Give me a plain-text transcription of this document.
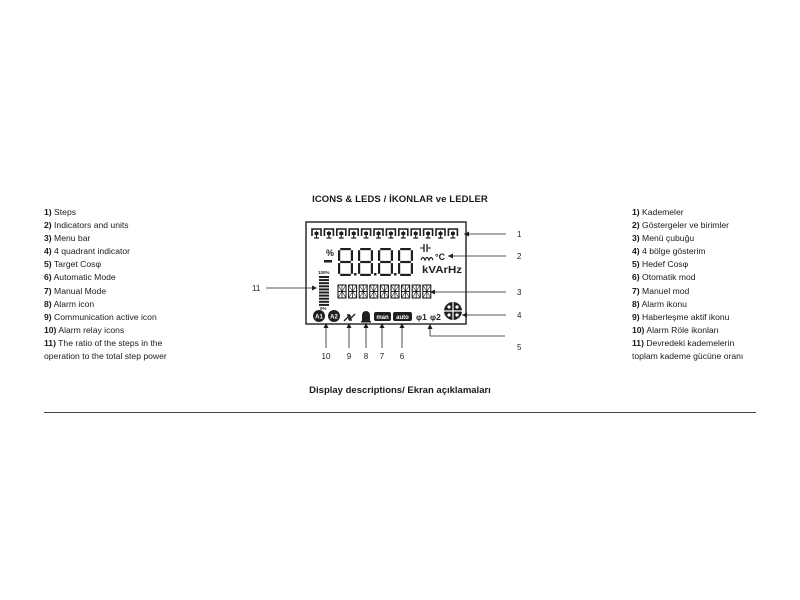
ICONS & LEDS / İKONLAR ve LEDLER
1) Steps
2) Indicators and units
3) Menu bar
4) 4 quadrant indicator
5) Target Cosφ
6) Automatic Mode
7) Manual Mode
8) Alarm icon
9) Communication active icon
10) Alarm relay icons
11) The ratio of the steps in the
operation to the total step power
1) Kademeler
2) Göstergeler ve birimler
3) Menü çubuğu
4) 4 bölge gösterim
5) Hedef Cosφ
6) Otomatik mod
7) Manuel mod
8) Alarm ikonu
9) Haberleşme aktif ikonu
10) Alarm Röle ikonları
11) Devredeki kademelerin
toplam kademe gücüne oranı
%	°C
kVArHz
100%
0%
A1 A2	man auto φ1 φ2
1
2
3
4
5
11
10 9 8 7 6
Display descriptions/ Ekran açıklamaları
